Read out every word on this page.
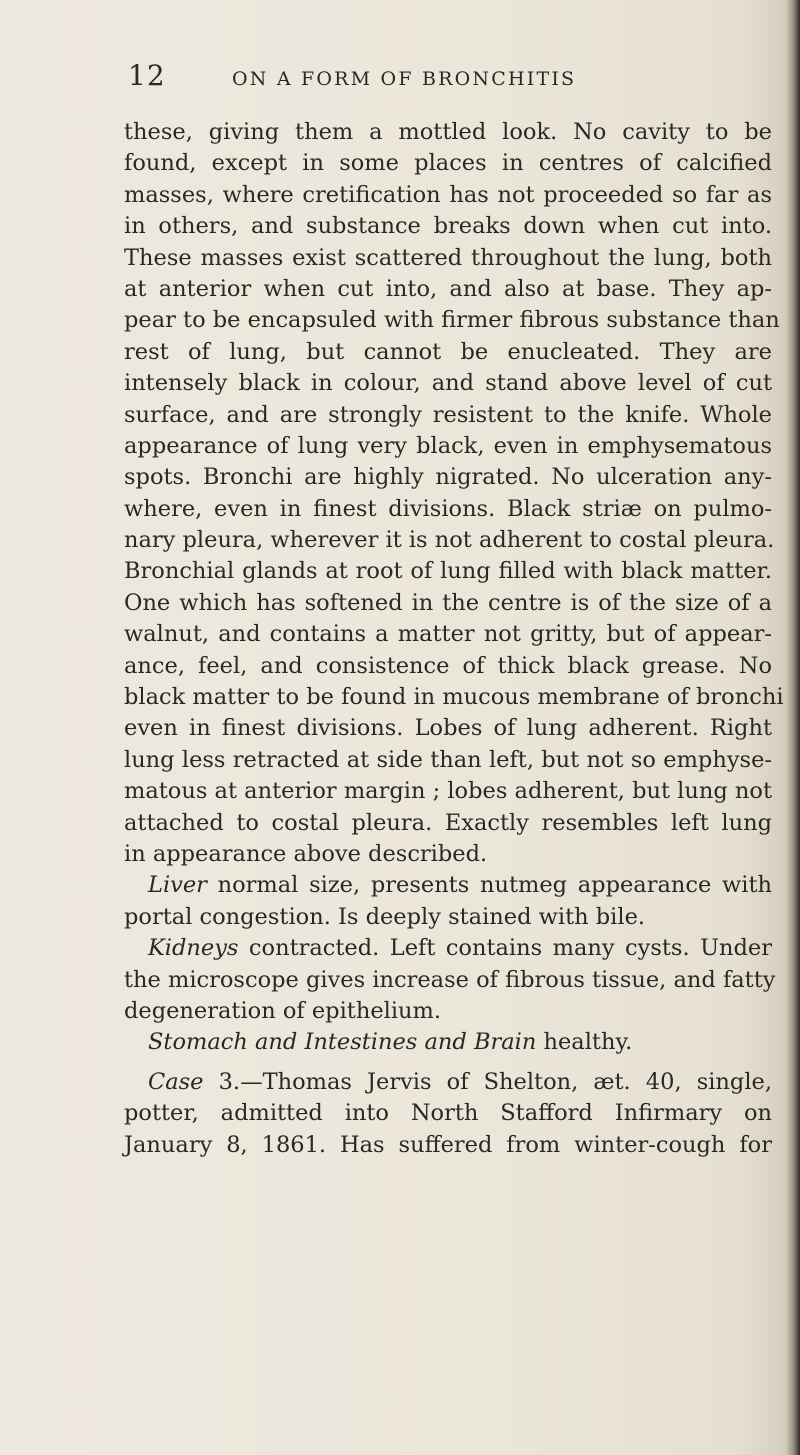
12	ON A FORM OF BRONCHITIS
these, giving them a mottled look. No cavity to be
found, except in some places in centres of calcified
masses, where cretification has not proceeded so far as
in others, and substance breaks down when cut into.
These masses exist scattered throughout the lung, both
at anterior when cut into, and also at base. They ap-
pear to be encapsuled with firmer fibrous substance than
rest of lung, but cannot be enucleated. They are
intensely black in colour, and stand above level of cut
surface, and are strongly resistent to the knife. Whole
appearance of lung very black, even in emphysematous
spots. Bronchi are highly nigrated. No ulceration any-
where, even in finest divisions. Black striæ on pulmo-
nary pleura, wherever it is not adherent to costal pleura.
Bronchial glands at root of lung filled with black matter.
One which has softened in the centre is of the size of a
walnut, and contains a matter not gritty, but of appear-
ance, feel, and consistence of thick black grease. No
black matter to be found in mucous membrane of bronchi
even in finest divisions. Lobes of lung adherent. Right
lung less retracted at side than left, but not so emphyse-
matous at anterior margin ; lobes adherent, but lung not
attached to costal pleura. Exactly resembles left lung
in appearance above described.
Liver normal size, presents nutmeg appearance with
portal congestion. Is deeply stained with bile.
Kidneys contracted. Left contains many cysts. Under
the microscope gives increase of fibrous tissue, and fatty
degeneration of epithelium.
Stomach and Intestines and Brain healthy.
Case 3.—Thomas Jervis of Shelton, æt. 40, single,
potter, admitted into North Stafford Infirmary on
January 8, 1861. Has suffered from winter-cough for
